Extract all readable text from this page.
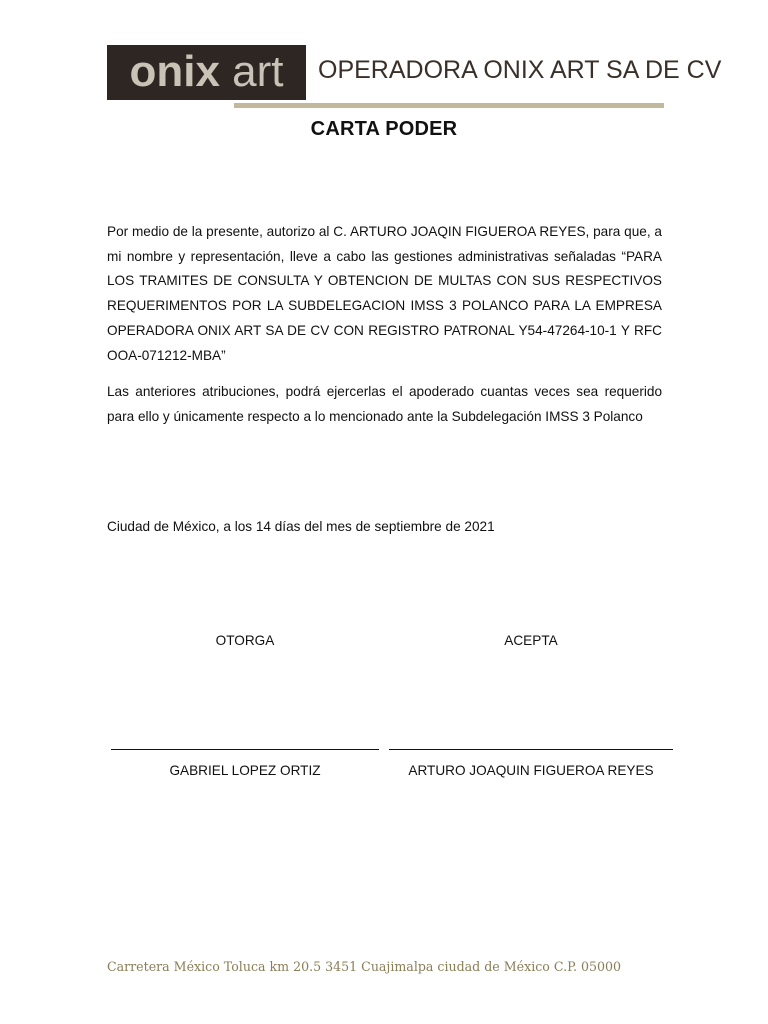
onix art OPERADORA ONIX ART SA DE CV
CARTA PODER

Por medio de la presente, autorizo al C. ARTURO JOAQIN FIGUEROA REYES, para que, a mi nombre y representación, lleve a cabo las gestiones administrativas señaladas “PARA LOS TRAMITES DE CONSULTA Y OBTENCION DE MULTAS CON SUS RESPECTIVOS REQUERIMENTOS POR LA SUBDELEGACION IMSS 3 POLANCO PARA LA EMPRESA OPERADORA ONIX ART SA DE CV CON REGISTRO PATRONAL Y54-47264-10-1 Y RFC OOA-071212-MBA”

Las anteriores atribuciones, podrá ejercerlas el apoderado cuantas veces sea requerido para ello y únicamente respecto a lo mencionado ante la Subdelegación IMSS 3 Polanco

Ciudad de México, a los 14 días del mes de septiembre de 2021
OTORGA	ACEPTA
GABRIEL LOPEZ ORTIZ	ARTURO JOAQUIN FIGUEROA REYES
Carretera México Toluca km 20.5 3451 Cuajimalpa ciudad de México C.P. 05000
